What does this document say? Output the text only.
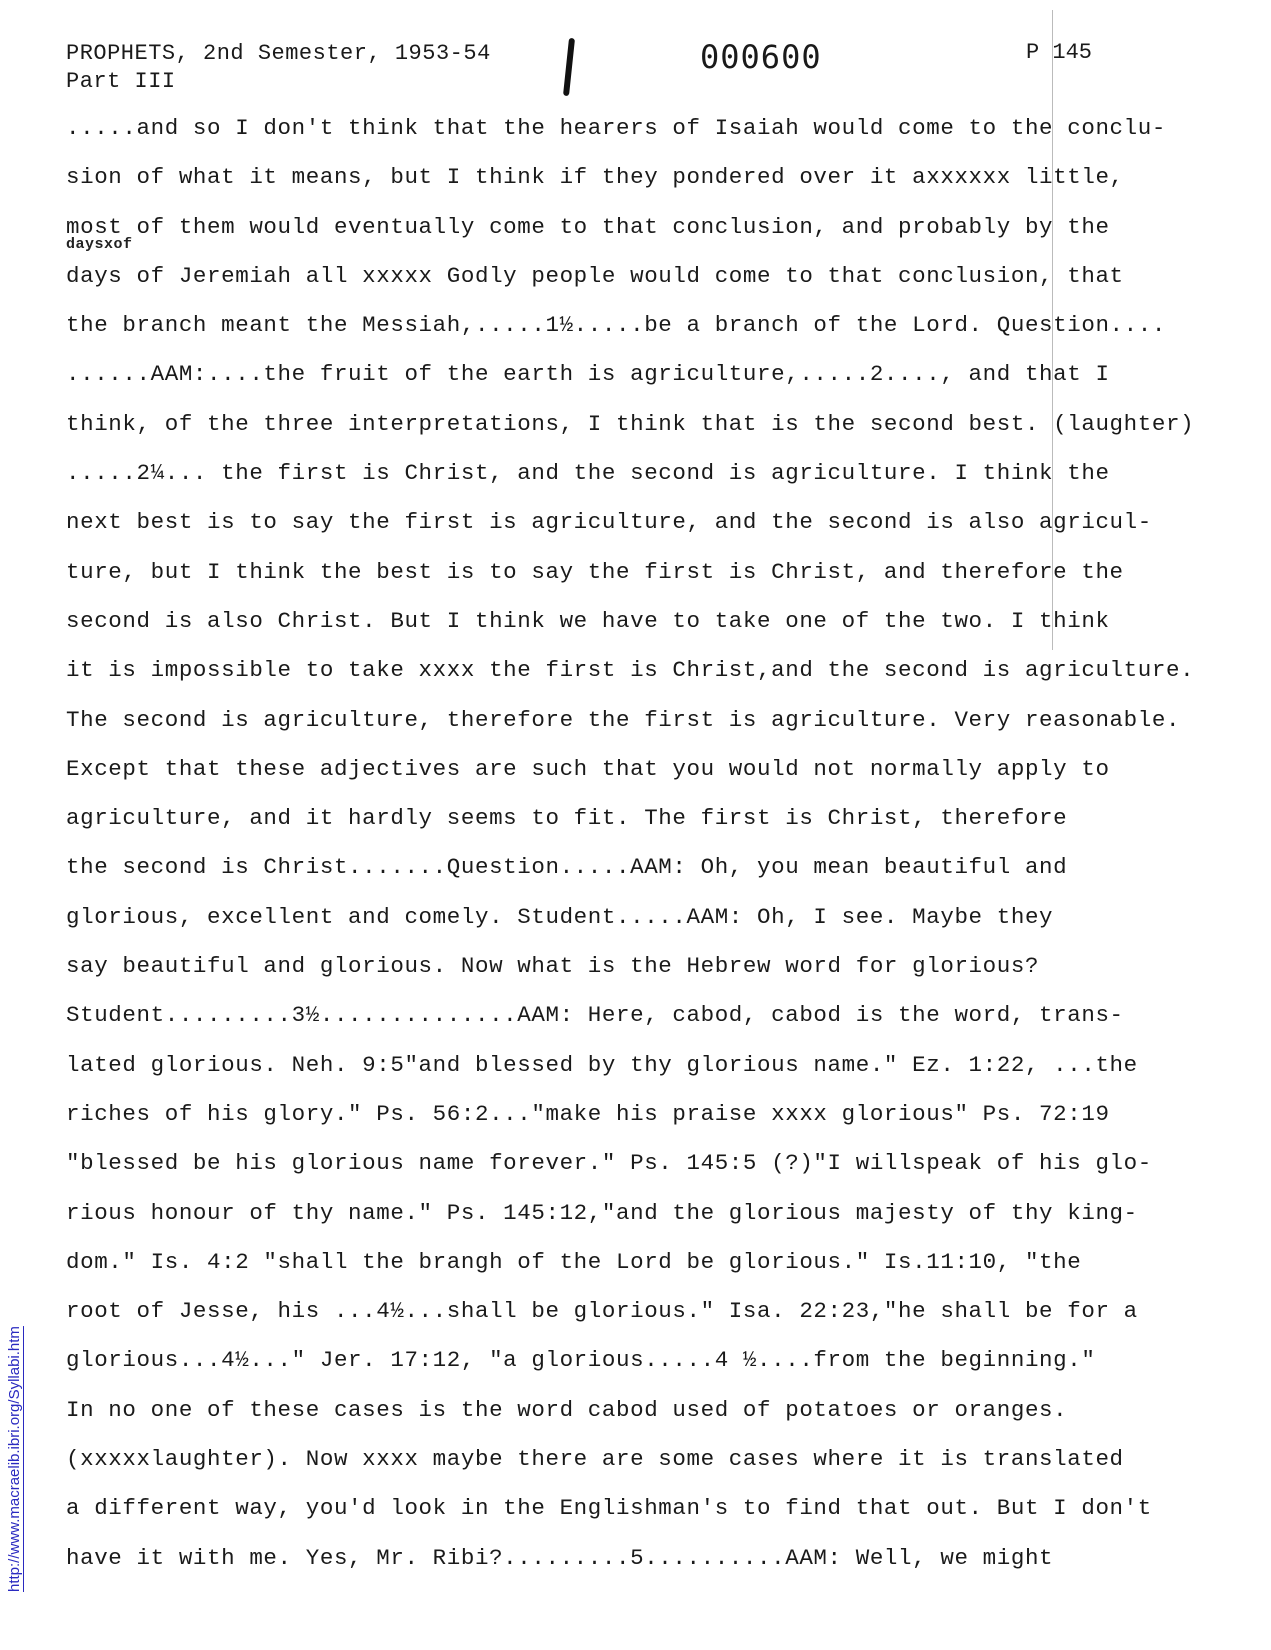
PROPHETS, 2nd Semester, 1953-54
Part III
000600	P 145
daysxof
.....and so I don't think that the hearers of Isaiah would come to the conclu-
sion of what it means, but I think if they pondered over it axxxxxx little,
most of them would eventually come to that conclusion, and probably by the
days of Jeremiah all xxxxx Godly people would come to that conclusion, that
the branch meant the Messiah,.....1½.....be a branch of the Lord. Question....
......AAM:....the fruit of the earth is agriculture,.....2...., and that I
think, of the three interpretations, I think that is the second best. (laughter)
.....2¼... the first is Christ, and the second is agriculture. I think the
next best is to say the first is agriculture, and the second is also agricul-
ture, but I think the best is to say the first is Christ, and therefore the
second is also Christ. But I think we have to take one of the two. I think
it is impossible to take xxxx the first is Christ,and the second is agriculture.
The second is agriculture, therefore the first is agriculture. Very reasonable.
Except that these adjectives are such that you would not normally apply to
agriculture, and it hardly seems to fit. The first is Christ, therefore
the second is Christ.......Question.....AAM: Oh, you mean beautiful and
glorious, excellent and comely. Student.....AAM: Oh, I see. Maybe they
say beautiful and glorious. Now what is the Hebrew word for glorious?
Student.........3½..............AAM: Here, cabod, cabod is the word, trans-
lated glorious. Neh. 9:5"and blessed by thy glorious name." Ez. 1:22, ...the
riches of his glory." Ps. 56:2..."make his praise xxxx glorious" Ps. 72:19
"blessed be his glorious name forever." Ps. 145:5 (?)"I willspeak of his glo-
rious honour of thy name." Ps. 145:12,"and the glorious majesty of thy king-
dom." Is. 4:2 "shall the brangh of the Lord be glorious." Is.11:10, "the
root of Jesse, his ...4½...shall be glorious." Isa. 22:23,"he shall be for a
glorious...4½..." Jer. 17:12, "a glorious.....4 ½....from the beginning."
In no one of these cases is the word cabod used of potatoes or oranges.
(xxxxxlaughter). Now xxxx maybe there are some cases where it is translated
a different way, you'd look in the Englishman's to find that out. But I don't
have it with me. Yes, Mr. Ribi?.........5..........AAM: Well, we might
http://www.macraelib.ibri.org/Syllabi.htm
